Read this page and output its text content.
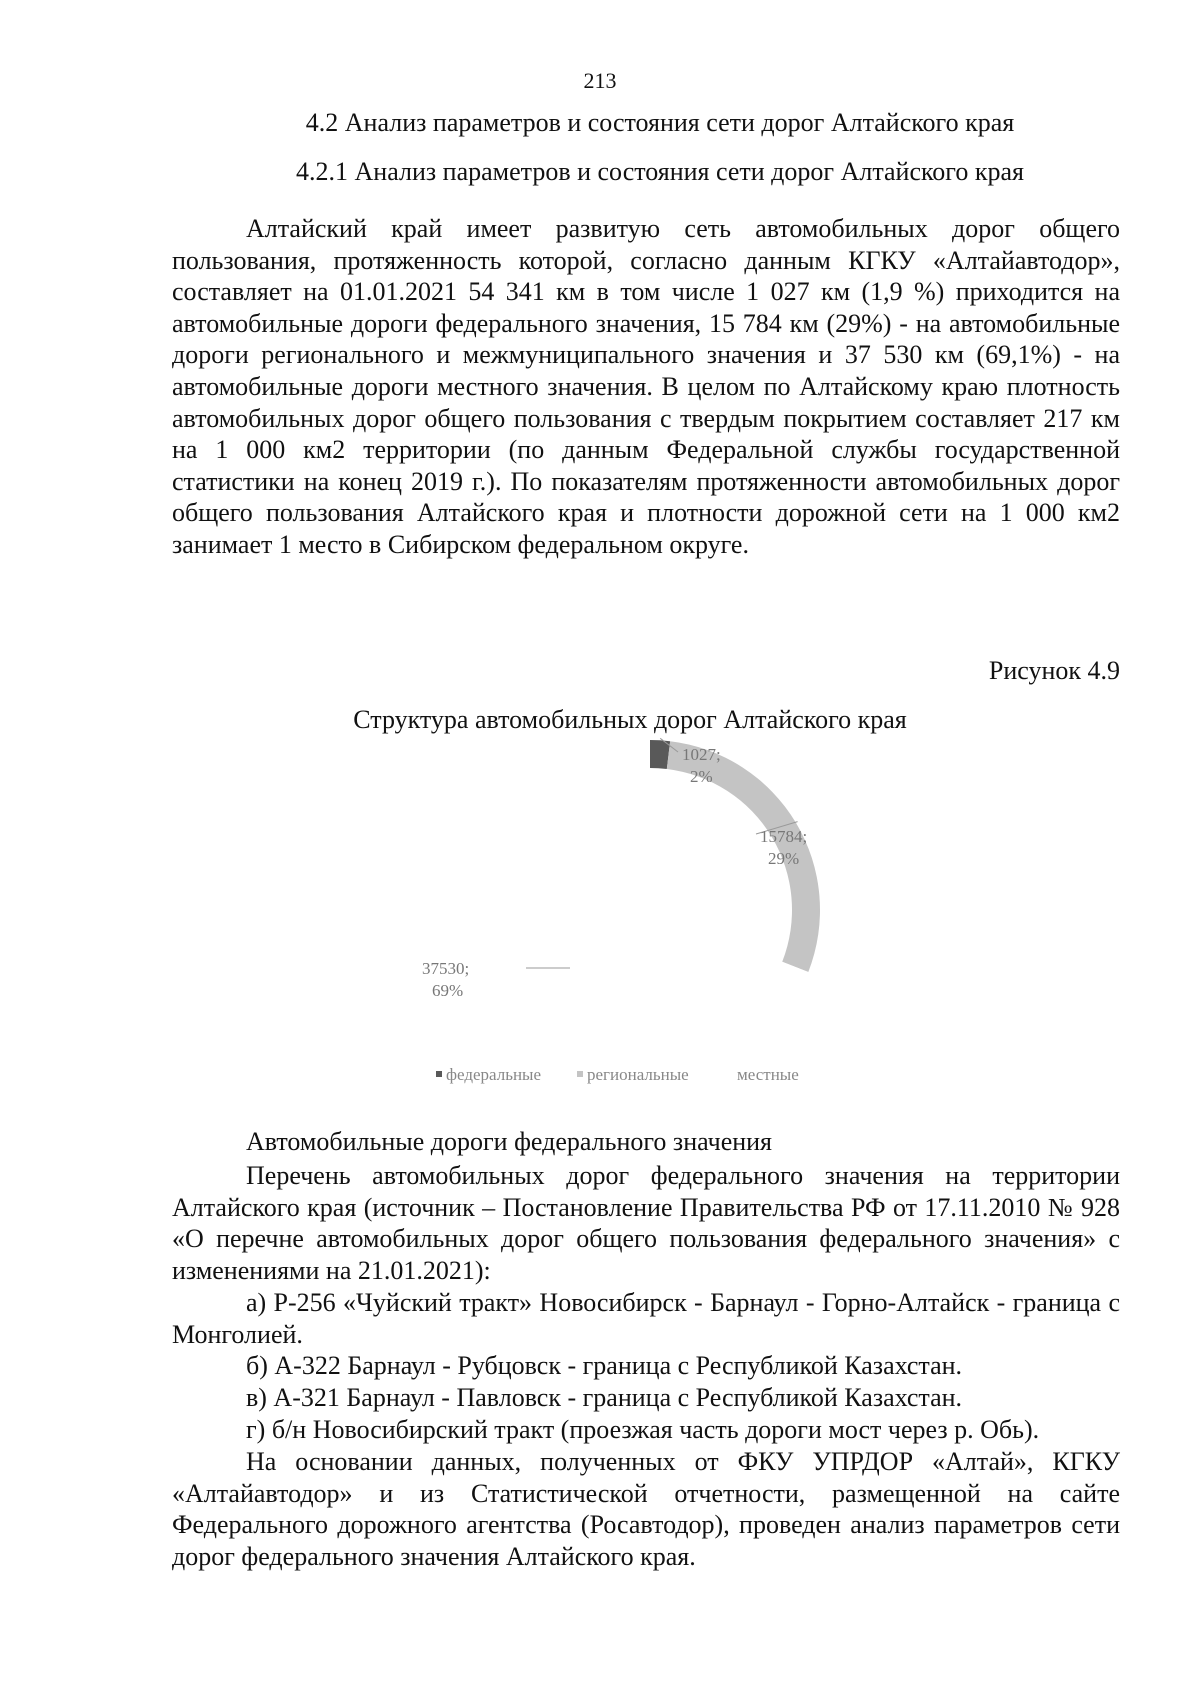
213
4.2 Анализ параметров и состояния сети дорог Алтайского края
4.2.1 Анализ параметров и состояния сети дорог Алтайского края
Алтайский край имеет развитую сеть автомобильных дорог общего пользования, протяженность которой, согласно данным КГКУ «Алтайавтодор», составляет на 01.01.2021 54 341 км в том числе 1 027 км (1,9 %) приходится на автомобильные дороги федерального значения, 15 784 км (29%) - на автомобильные дороги регионального и межмуниципального значения и 37 530 км (69,1%) - на автомобильные дороги местного значения. В целом по Алтайскому краю плотность автомобильных дорог общего пользования с твердым покрытием составляет 217 км на 1 000 км2 территории (по данным Федеральной службы государственной статистики на конец 2019 г.). По показателям протяженности автомобильных дорог общего пользования Алтайского края и плотности дорожной сети на 1 000 км2 занимает 1 место в Сибирском федеральном округе.
Рисунок 4.9
Структура автомобильных дорог Алтайского края
1027;
2%
15784;
29%
37530;
69%
федеральные	региональные	местные
Автомобильные дороги федерального значения
Перечень автомобильных дорог федерального значения на территории Алтайского края (источник – Постановление Правительства РФ от 17.11.2010 № 928 «О перечне автомобильных дорог общего пользования федерального значения» с изменениями на 21.01.2021):
а) Р-256 «Чуйский тракт» Новосибирск - Барнаул - Горно-Алтайск - граница с Монголией.
б) А-322 Барнаул - Рубцовск - граница с Республикой Казахстан.
в) А-321 Барнаул - Павловск - граница с Республикой Казахстан.
г) б/н Новосибирский тракт (проезжая часть дороги мост через р. Обь).
На основании данных, полученных от ФКУ УПРДОР «Алтай», КГКУ «Алтайавтодор» и из Статистической отчетности, размещенной на сайте Федерального дорожного агентства (Росавтодор), проведен анализ параметров сети дорог федерального значения Алтайского края.
